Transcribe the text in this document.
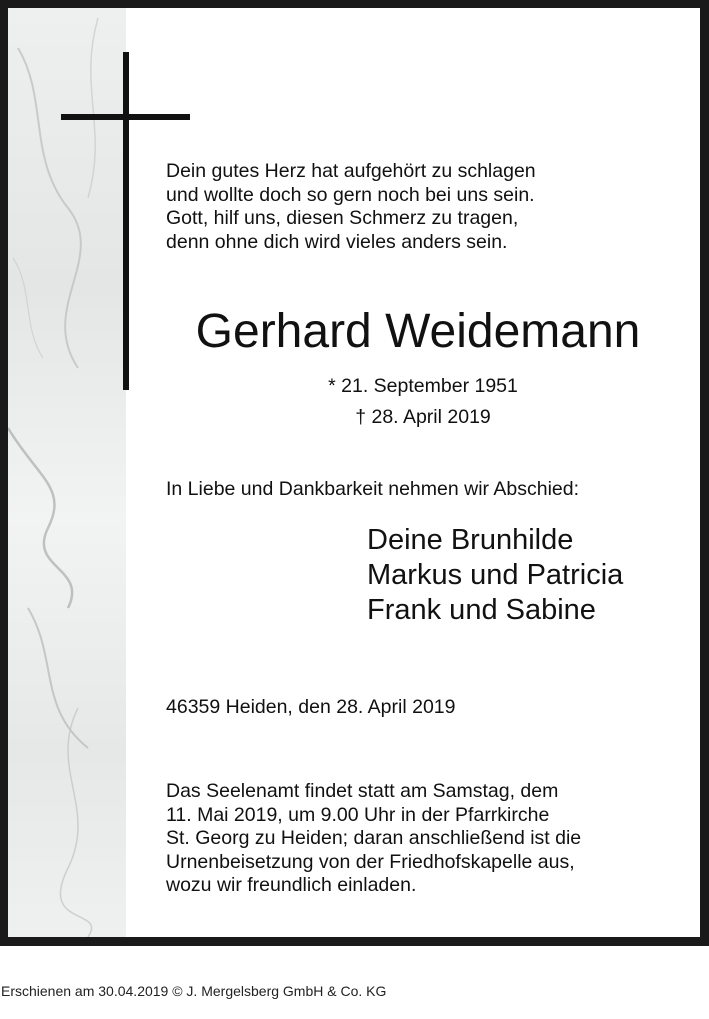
Dein gutes Herz hat aufgehört zu schlagen
und wollte doch so gern noch bei uns sein.
Gott, hilf uns, diesen Schmerz zu tragen,
denn ohne dich wird vieles anders sein.
Gerhard Weidemann
* 21. September 1951
† 28. April 2019
In Liebe und Dankbarkeit nehmen wir Abschied:
Deine Brunhilde
Markus und Patricia
Frank und Sabine
46359 Heiden, den 28. April 2019
Das Seelenamt findet statt am Samstag, dem
11. Mai 2019, um 9.00 Uhr in der Pfarrkirche
St. Georg zu Heiden; daran anschließend ist die
Urnenbeisetzung von der Friedhofskapelle aus,
wozu wir freundlich einladen.
Erschienen am 30.04.2019 © J. Mergelsberg GmbH & Co. KG
